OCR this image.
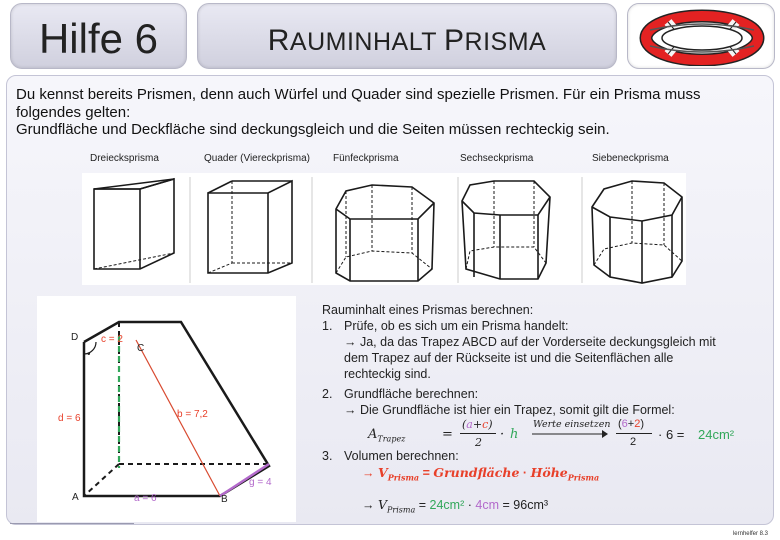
Hilfe 6	RAUMINHALT PRISMA
Du kennst bereits Prismen, denn auch Würfel und Quader sind spezielle Prismen. Für ein Prisma muss
folgendes gelten:
Grundfläche und Deckfläche sind deckungsgleich und die Seiten müssen rechteckig sein.
Dreiecksprisma	Quader (Viereckprisma) Fünfeckprisma	Sechseckprisma	Siebeneckprisma
D
C
A	B
•
c = 2
d = 6	b = 7,2
a = 6
g = 4
Rauminhalt eines Prismas berechnen:
1. Prüfe, ob es sich um ein Prisma handelt:
→ Ja, da das Trapez ABCD auf der Vorderseite deckungsgleich mit
dem Trapez auf der Rückseite ist und die Seitenflächen alle
rechteckig sind.
2. Grundfläche berechnen:
→ Die Grundfläche ist hier ein Trapez, somit gilt die Formel:
$A_{Trapez}$	=
(a+c)
2
· h
Werte einsetzen (6+2)
2 · 6 = 24cm²
3. Volumen berechnen:
→ $V_{Prisma}$ = Grundfläche · Höhe$_{Prisma}$
→ $V_{Prisma} = 24cm^2 \cdot 4cm = 96cm^3$
lernhelfer 8.3
